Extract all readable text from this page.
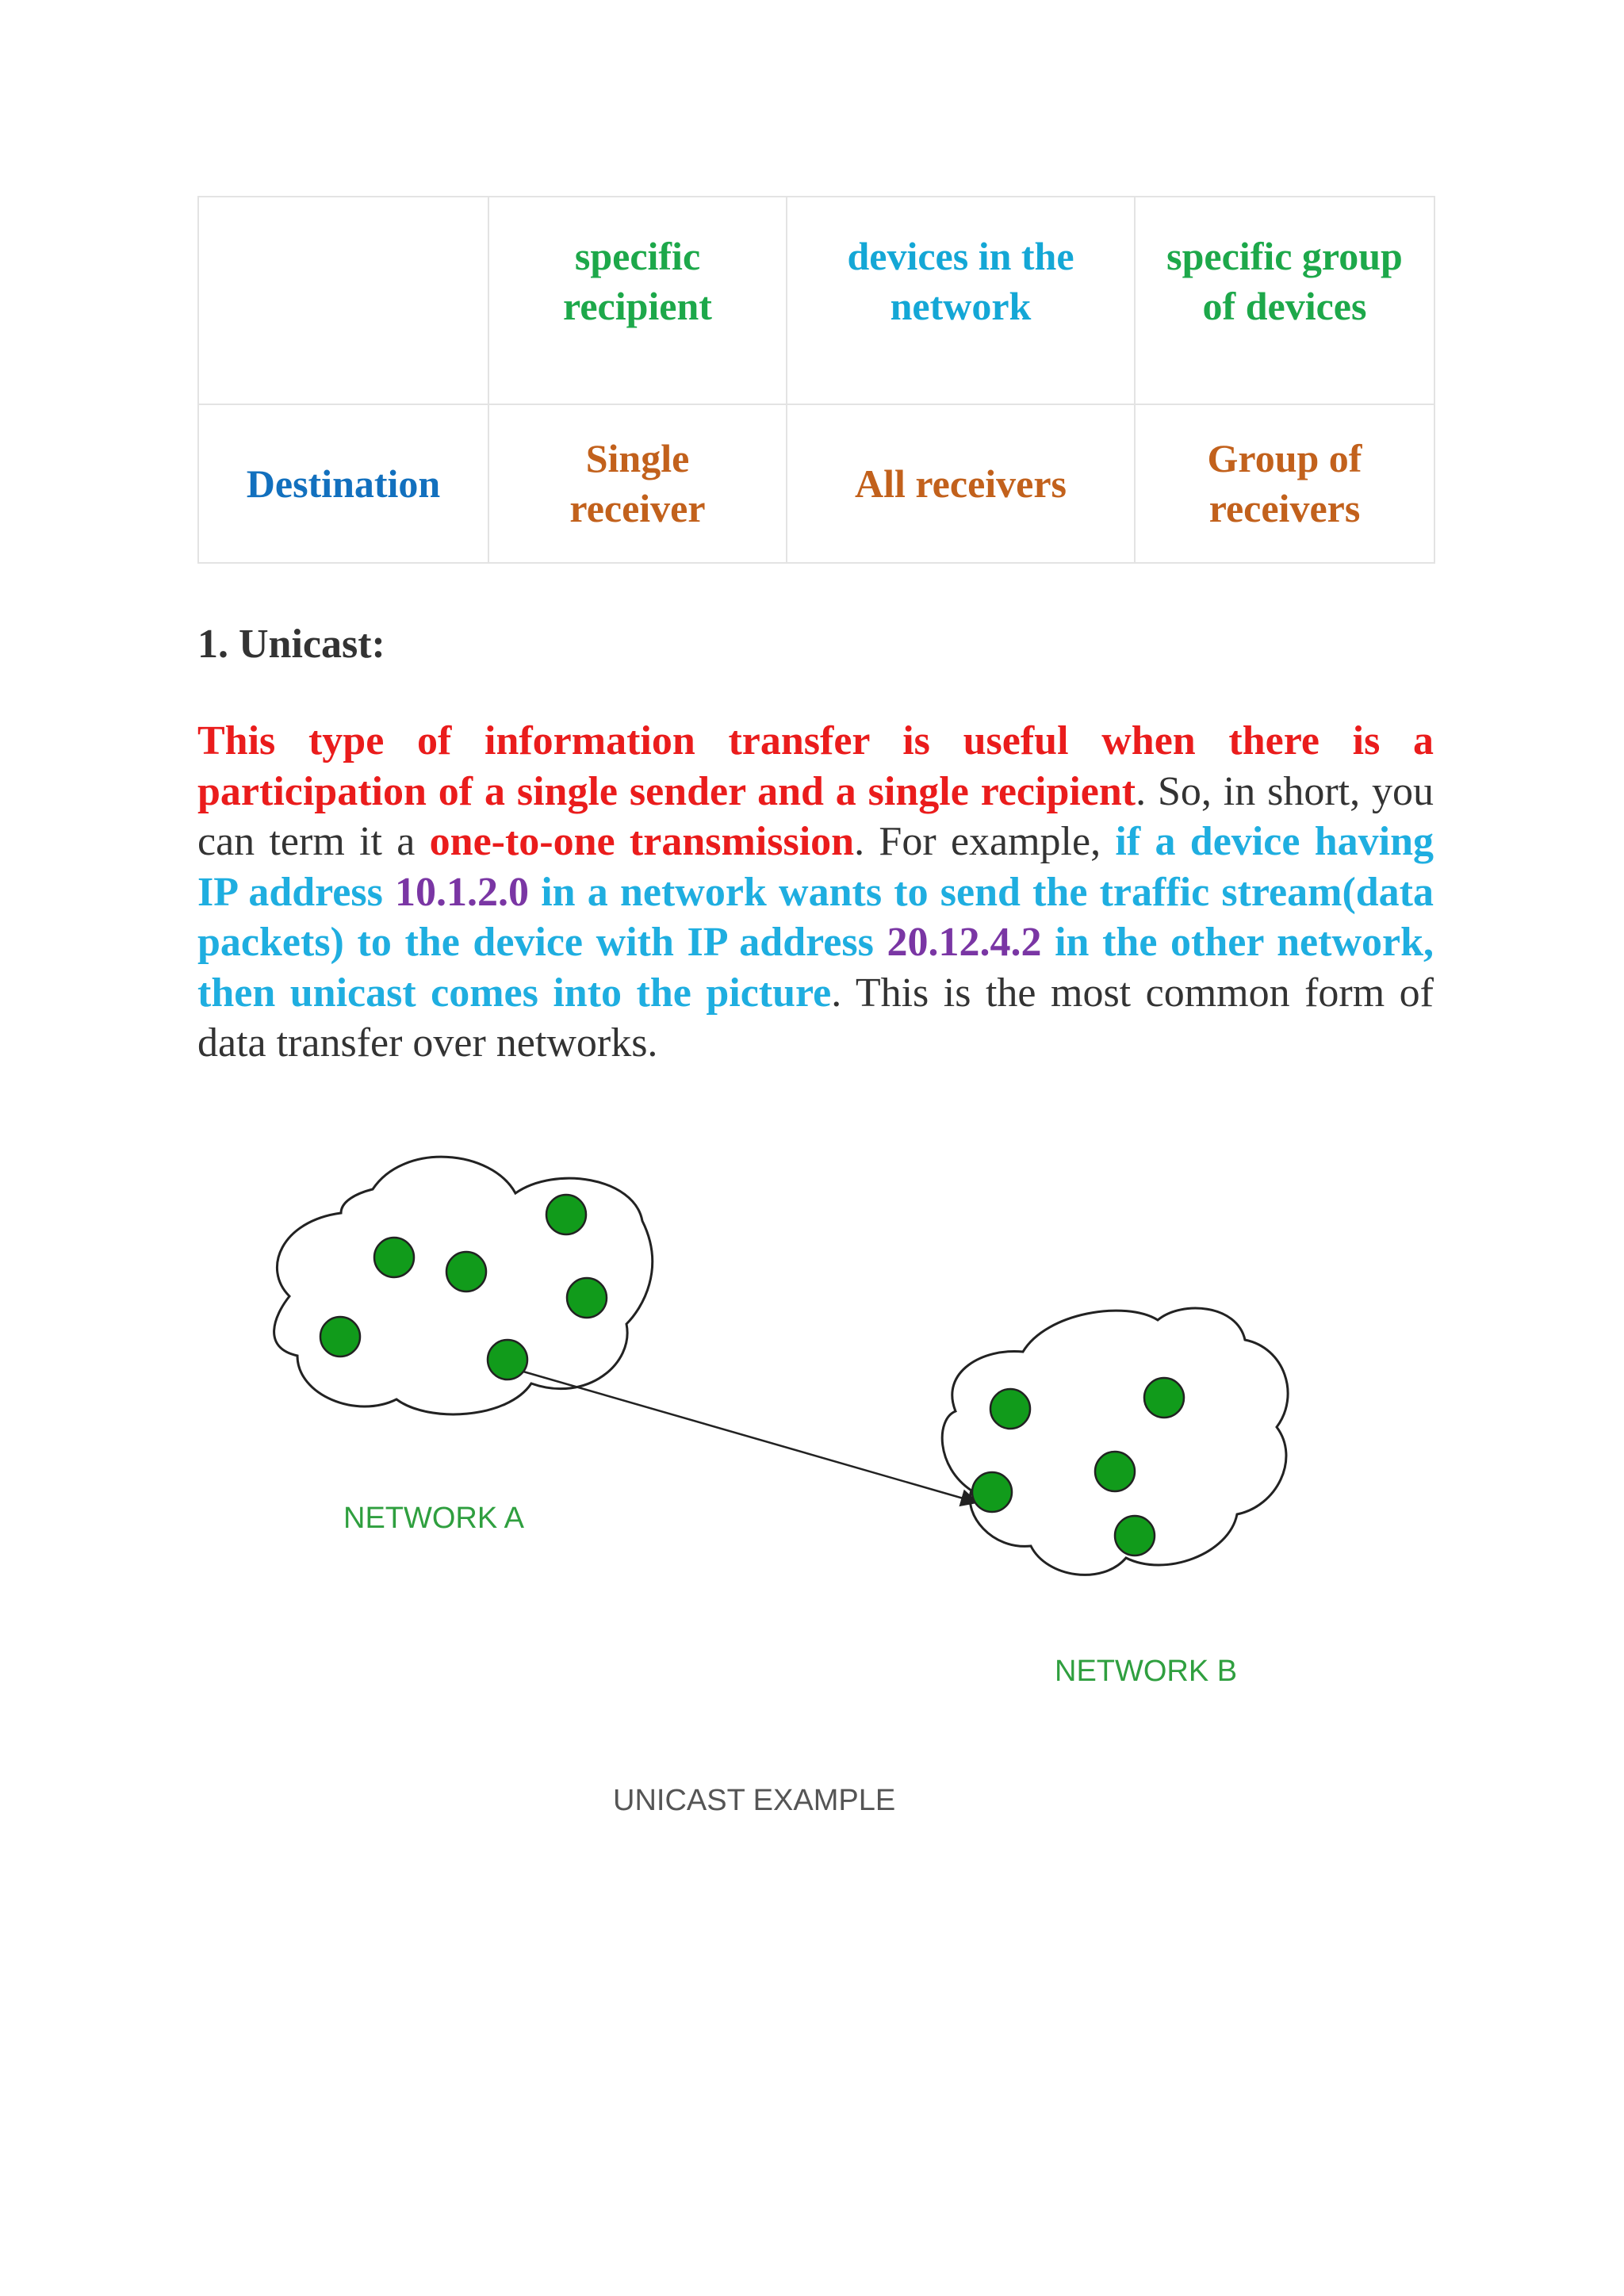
	specific recipient	devices in the network	specific group of devices
Destination	Single receiver	All receivers	Group of receivers
1. Unicast:

This type of information transfer is useful when there is a participation of a single sender and a single recipient. So, in short, you can term it a one-to-one transmission. For example, if a device having IP address 10.1.2.0 in a network wants to send the traffic stream(data packets) to the device with IP address 20.12.4.2 in the other network, then unicast comes into the picture. This is the most common form of data transfer over networks.

NETWORK A
NETWORK B
UNICAST EXAMPLE
